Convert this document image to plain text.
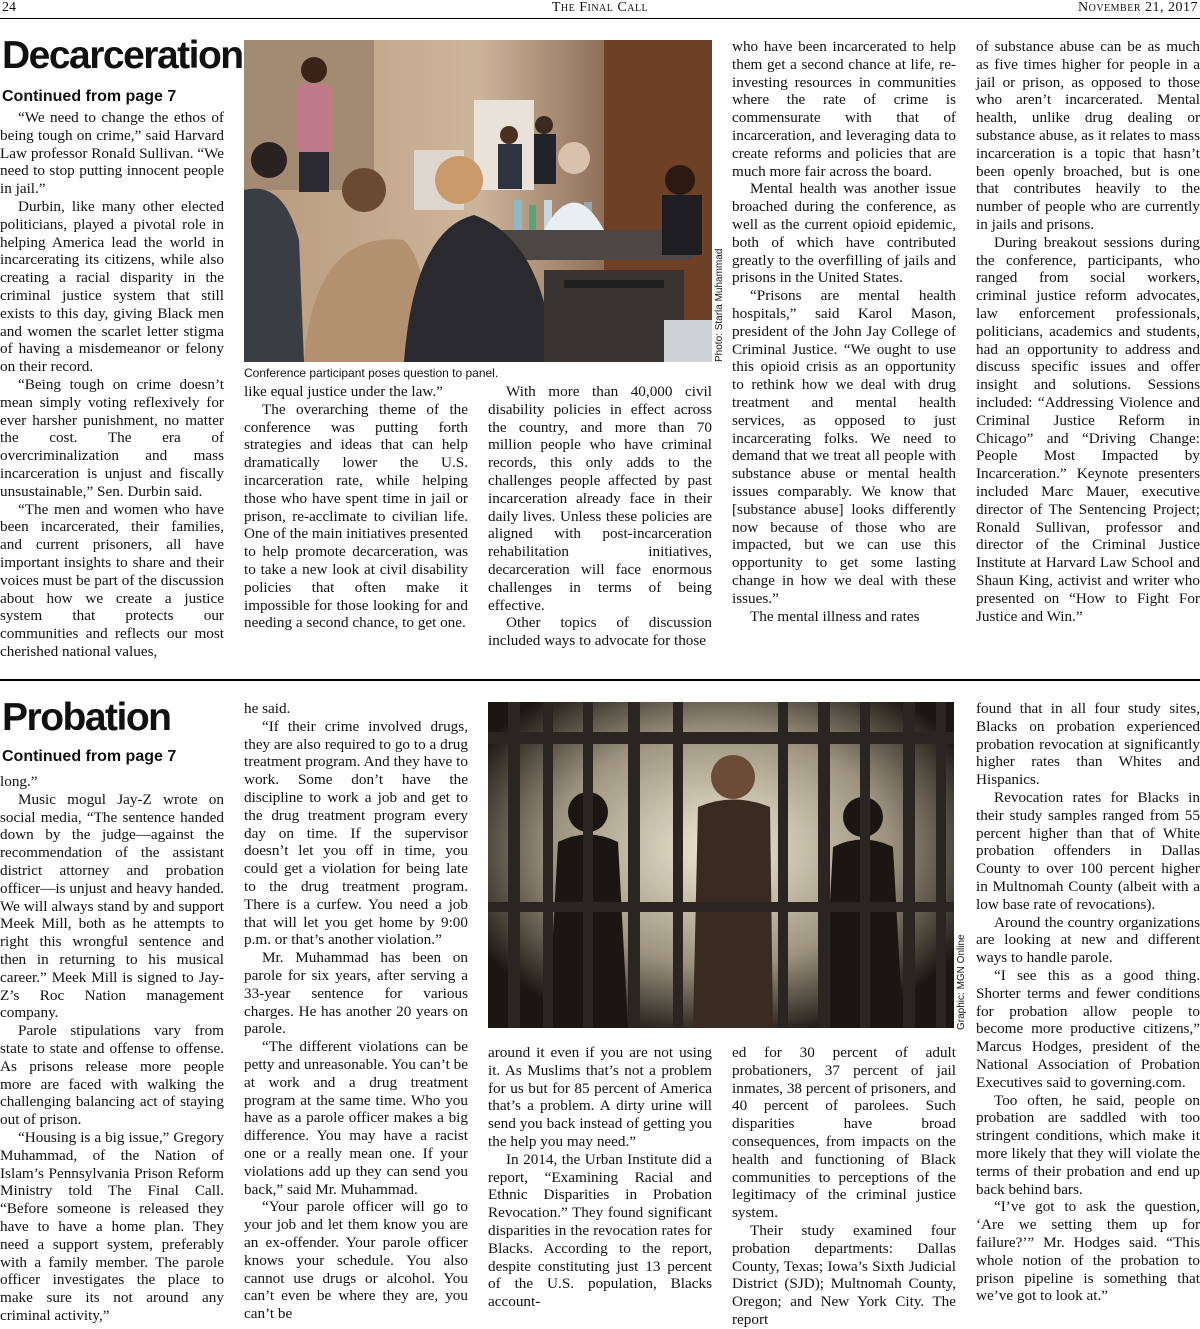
24	The Final Call	November 21, 2017
Decarceration
Continued from page 7

“We need to change the ethos of being tough on crime,” said Harvard Law professor Ronald Sullivan. “We need to stop putting innocent people in jail.”

Durbin, like many other elected politicians, played a pivotal role in helping America lead the world in incarcerating its citizens, while also creating a racial disparity in the criminal justice system that still exists to this day, giving Black men and women the scarlet letter stigma of having a misdemeanor or felony on their record.

“Being tough on crime doesn’t mean simply voting reflexively for ever harsher punishment, no matter the cost. The era of overcriminalization and mass incarceration is unjust and fiscally unsustainable,” Sen. Durbin said.

“The men and women who have been incarcerated, their families, and current prisoners, all have important insights to share and their voices must be part of the discussion about how we create a justice system that protects our communities and reflects our most cherished national values,

Conference participant poses question to panel.
Photo: Starla Muhammad

like equal justice under the law.”

The overarching theme of the conference was putting forth strategies and ideas that can help dramatically lower the U.S. incarceration rate, while helping those who have spent time in jail or prison, re-acclimate to civilian life. One of the main initiatives presented to help promote decarceration, was to take a new look at civil disability policies that often make it impossible for those looking for and needing a second chance, to get one.

With more than 40,000 civil disability policies in effect across the country, and more than 70 million people who have criminal records, this only adds to the challenges people affected by past incarceration already face in their daily lives. Unless these policies are aligned with post-incarceration rehabilitation initiatives, decarceration will face enormous challenges in terms of being effective.

Other topics of discussion included ways to advocate for those

who have been incarcerated to help them get a second chance at life, re-investing resources in communities where the rate of crime is commensurate with that of incarceration, and leveraging data to create reforms and policies that are much more fair across the board.

Mental health was another issue broached during the conference, as well as the current opioid epidemic, both of which have contributed greatly to the overfilling of jails and prisons in the United States.

“Prisons are mental health hospitals,” said Karol Mason, president of the John Jay College of Criminal Justice. “We ought to use this opioid crisis as an opportunity to rethink how we deal with drug treatment and mental health services, as opposed to just incarcerating folks. We need to demand that we treat all people with substance abuse or mental health issues comparably. We know that [substance abuse] looks differently now because of those who are impacted, but we can use this opportunity to get some lasting change in how we deal with these issues.”

The mental illness and rates

of substance abuse can be as much as five times higher for people in a jail or prison, as opposed to those who aren’t incarcerated. Mental health, unlike drug dealing or substance abuse, as it relates to mass incarceration is a topic that hasn’t been openly broached, but is one that contributes heavily to the number of people who are currently in jails and prisons.

During breakout sessions during the conference, participants, who ranged from social workers, criminal justice reform advocates, law enforcement professionals, politicians, academics and students, had an opportunity to address and discuss specific issues and offer insight and solutions. Sessions included: “Addressing Violence and Criminal Justice Reform in Chicago” and “Driving Change: People Most Impacted by Incarceration.” Keynote presenters included Marc Mauer, executive director of The Sentencing Project; Ronald Sullivan, professor and director of the Criminal Justice Institute at Harvard Law School and Shaun King, activist and writer who presented on “How to Fight For Justice and Win.”

Probation
Continued from page 7

long.”

Music mogul Jay-Z wrote on social media, “The sentence handed down by the judge—against the recommendation of the assistant district attorney and probation officer—is unjust and heavy handed. We will always stand by and support Meek Mill, both as he attempts to right this wrongful sentence and then in returning to his musical career.” Meek Mill is signed to Jay-Z’s Roc Nation management company.

Parole stipulations vary from state to state and offense to offense. As prisons release more people more are faced with walking the challenging balancing act of staying out of prison.

“Housing is a big issue,” Gregory Muhammad, of the Nation of Islam’s Pennsylvania Prison Reform Ministry told The Final Call. “Before someone is released they have to have a home plan. They need a support system, preferably with a family member. The parole officer investigates the place to make sure its not around any criminal activity,”

he said.

“If their crime involved drugs, they are also required to go to a drug treatment program. And they have to work. Some don’t have the discipline to work a job and get to the drug treatment program every day on time. If the supervisor doesn’t let you off in time, you could get a violation for being late to the drug treatment program. There is a curfew. You need a job that will let you get home by 9:00 p.m. or that’s another violation.”

Mr. Muhammad has been on parole for six years, after serving a 33-year sentence for various charges. He has another 20 years on parole.

“The different violations can be petty and unreasonable. You can’t be at work and a drug treatment program at the same time. Who you have as a parole officer makes a big difference. You may have a racist one or a really mean one. If your violations add up they can send you back,” said Mr. Muhammad.

“Your parole officer will go to your job and let them know you are an ex-offender. Your parole officer knows your schedule. You also cannot use drugs or alcohol. You can’t even be where they are, you can’t be

Graphic: MGN Online

around it even if you are not using it. As Muslims that’s not a problem for us but for 85 percent of America that’s a problem. A dirty urine will send you back instead of getting you the help you may need.”

In 2014, the Urban Institute did a report, “Examining Racial and Ethnic Disparities in Probation Revocation.” They found significant disparities in the revocation rates for Blacks. According to the report, despite constituting just 13 percent of the U.S. population, Blacks account-

ed for 30 percent of adult probationers, 37 percent of jail inmates, 38 percent of prisoners, and 40 percent of parolees. Such disparities have broad consequences, from impacts on the health and functioning of Black communities to perceptions of the legitimacy of the criminal justice system.

Their study examined four probation departments: Dallas County, Texas; Iowa’s Sixth Judicial District (SJD); Multnomah County, Oregon; and New York City. The report

found that in all four study sites, Blacks on probation experienced probation revocation at significantly higher rates than Whites and Hispanics.

Revocation rates for Blacks in their study samples ranged from 55 percent higher than that of White probation offenders in Dallas County to over 100 percent higher in Multnomah County (albeit with a low base rate of revocations).

Around the country organizations are looking at new and different ways to handle parole.

“I see this as a good thing. Shorter terms and fewer conditions for probation allow people to become more productive citizens,” Marcus Hodges, president of the National Association of Probation Executives said to governing.com.

Too often, he said, people on probation are saddled with too stringent conditions, which make it more likely that they will violate the terms of their probation and end up back behind bars.

“I’ve got to ask the question, ‘Are we setting them up for failure?’” Mr. Hodges said. “This whole notion of the probation to prison pipeline is something that we’ve got to look at.”
